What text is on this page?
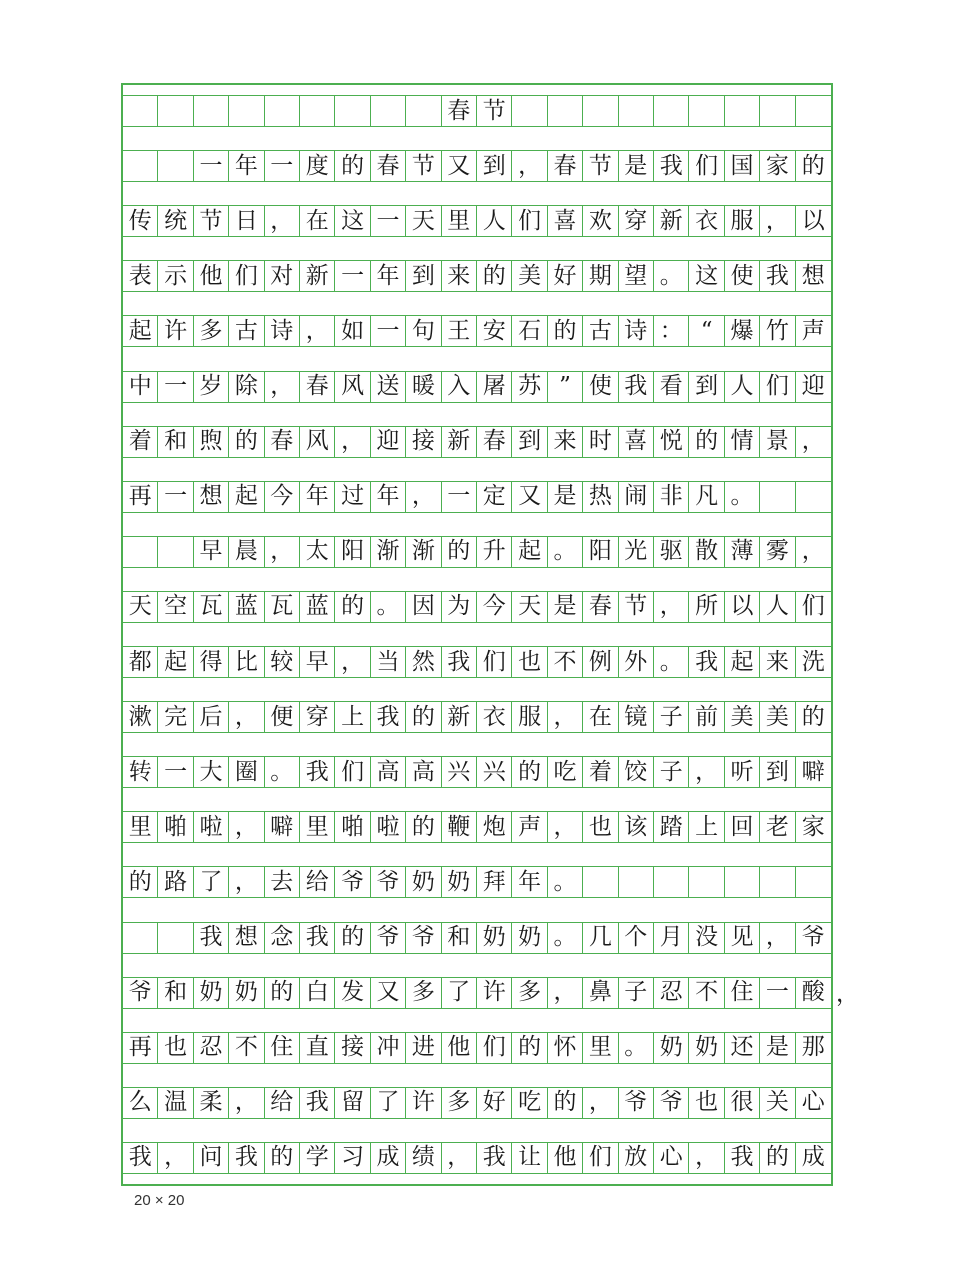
春 节
一 年 一 度 的 春 节 又 到 ， 春 节 是 我 们 国 家 的
传 统 节 日 ， 在 这 一 天 里 人 们 喜 欢 穿 新 衣 服 ， 以
表 示 他 们 对 新 一 年 到 来 的 美 好 期 望 。 这 使 我 想
起 许 多 古 诗 ， 如 一 句 王 安 石 的 古 诗 ： “ 爆 竹 声
中 一 岁 除 ， 春 风 送 暖 入 屠 苏 ” 使 我 看 到 人 们 迎
着 和 煦 的 春 风 ， 迎 接 新 春 到 来 时 喜 悦 的 情 景 ，
再 一 想 起 今 年 过 年 ， 一 定 又 是 热 闹 非 凡 。
早 晨 ， 太 阳 渐 渐 的 升 起 。 阳 光 驱 散 薄 雾 ，
天 空 瓦 蓝 瓦 蓝 的 。 因 为 今 天 是 春 节 ， 所 以 人 们
都 起 得 比 较 早 ， 当 然 我 们 也 不 例 外 。 我 起 来 洗
漱 完 后 ， 便 穿 上 我 的 新 衣 服 ， 在 镜 子 前 美 美 的
转 一 大 圈 。 我 们 高 高 兴 兴 的 吃 着 饺 子 ， 听 到 噼
里 啪 啦 ， 噼 里 啪 啦 的 鞭 炮 声 ， 也 该 踏 上 回 老 家
的 路 了 ， 去 给 爷 爷 奶 奶 拜 年 。
我 想 念 我 的 爷 爷 和 奶 奶 。 几 个 月 没 见 ， 爷
爷 和 奶 奶 的 白 发 又 多 了 许 多 ， 鼻 子 忍 不 住 一 酸
再 也 忍 不 住 直 接 冲 进 他 们 的 怀 里 。 奶 奶 还 是 那
么 温 柔 ， 给 我 留 了 许 多 好 吃 的 ， 爷 爷 也 很 关 心
我 ， 问 我 的 学 习 成 绩 ， 我 让 他 们 放 心 ， 我 的 成
，
20 × 20
